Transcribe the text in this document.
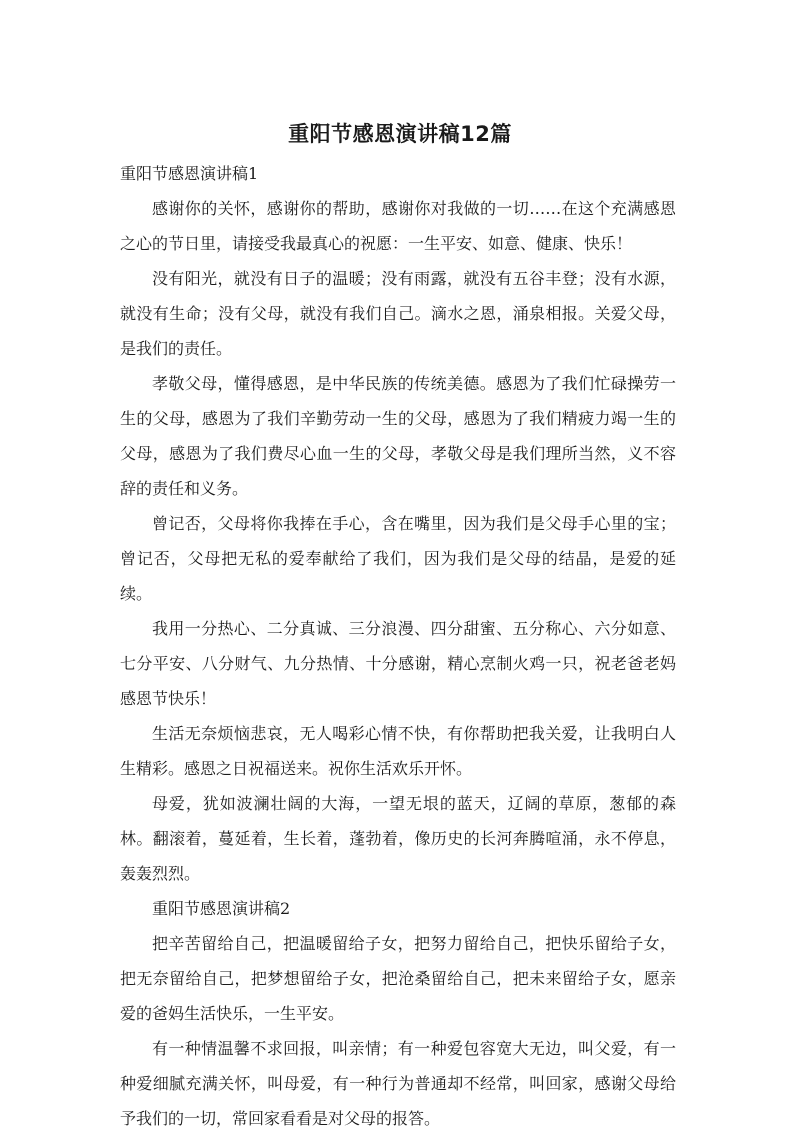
重阳节感恩演讲稿12篇

重阳节感恩演讲稿1

感谢你的关怀，感谢你的帮助，感谢你对我做的一切……在这个充满感恩之心的节日里，请接受我最真心的祝愿：一生平安、如意、健康、快乐！

没有阳光，就没有日子的温暖；没有雨露，就没有五谷丰登；没有水源，就没有生命；没有父母，就没有我们自己。滴水之恩，涌泉相报。关爱父母，是我们的责任。

孝敬父母，懂得感恩，是中华民族的传统美德。感恩为了我们忙碌操劳一生的父母，感恩为了我们辛勤劳动一生的父母，感恩为了我们精疲力竭一生的父母，感恩为了我们费尽心血一生的父母，孝敬父母是我们理所当然，义不容辞的责任和义务。

曾记否，父母将你我捧在手心，含在嘴里，因为我们是父母手心里的宝；曾记否，父母把无私的爱奉献给了我们，因为我们是父母的结晶，是爱的延续。

我用一分热心、二分真诚、三分浪漫、四分甜蜜、五分称心、六分如意、七分平安、八分财气、九分热情、十分感谢，精心烹制火鸡一只，祝老爸老妈感恩节快乐！

生活无奈烦恼悲哀，无人喝彩心情不快，有你帮助把我关爱，让我明白人生精彩。感恩之日祝福送来。祝你生活欢乐开怀。

母爱，犹如波澜壮阔的大海，一望无垠的蓝天，辽阔的草原，葱郁的森林。翻滚着，蔓延着，生长着，蓬勃着，像历史的长河奔腾喧涌，永不停息，轰轰烈烈。

重阳节感恩演讲稿2

把辛苦留给自己，把温暖留给子女，把努力留给自己，把快乐留给子女，把无奈留给自己，把梦想留给子女，把沧桑留给自己，把未来留给子女，愿亲爱的爸妈生活快乐，一生平安。

有一种情温馨不求回报，叫亲情；有一种爱包容宽大无边，叫父爱，有一种爱细腻充满关怀，叫母爱，有一种行为普通却不经常，叫回家，感谢父母给予我们的一切，常回家看看是对父母的报答。
